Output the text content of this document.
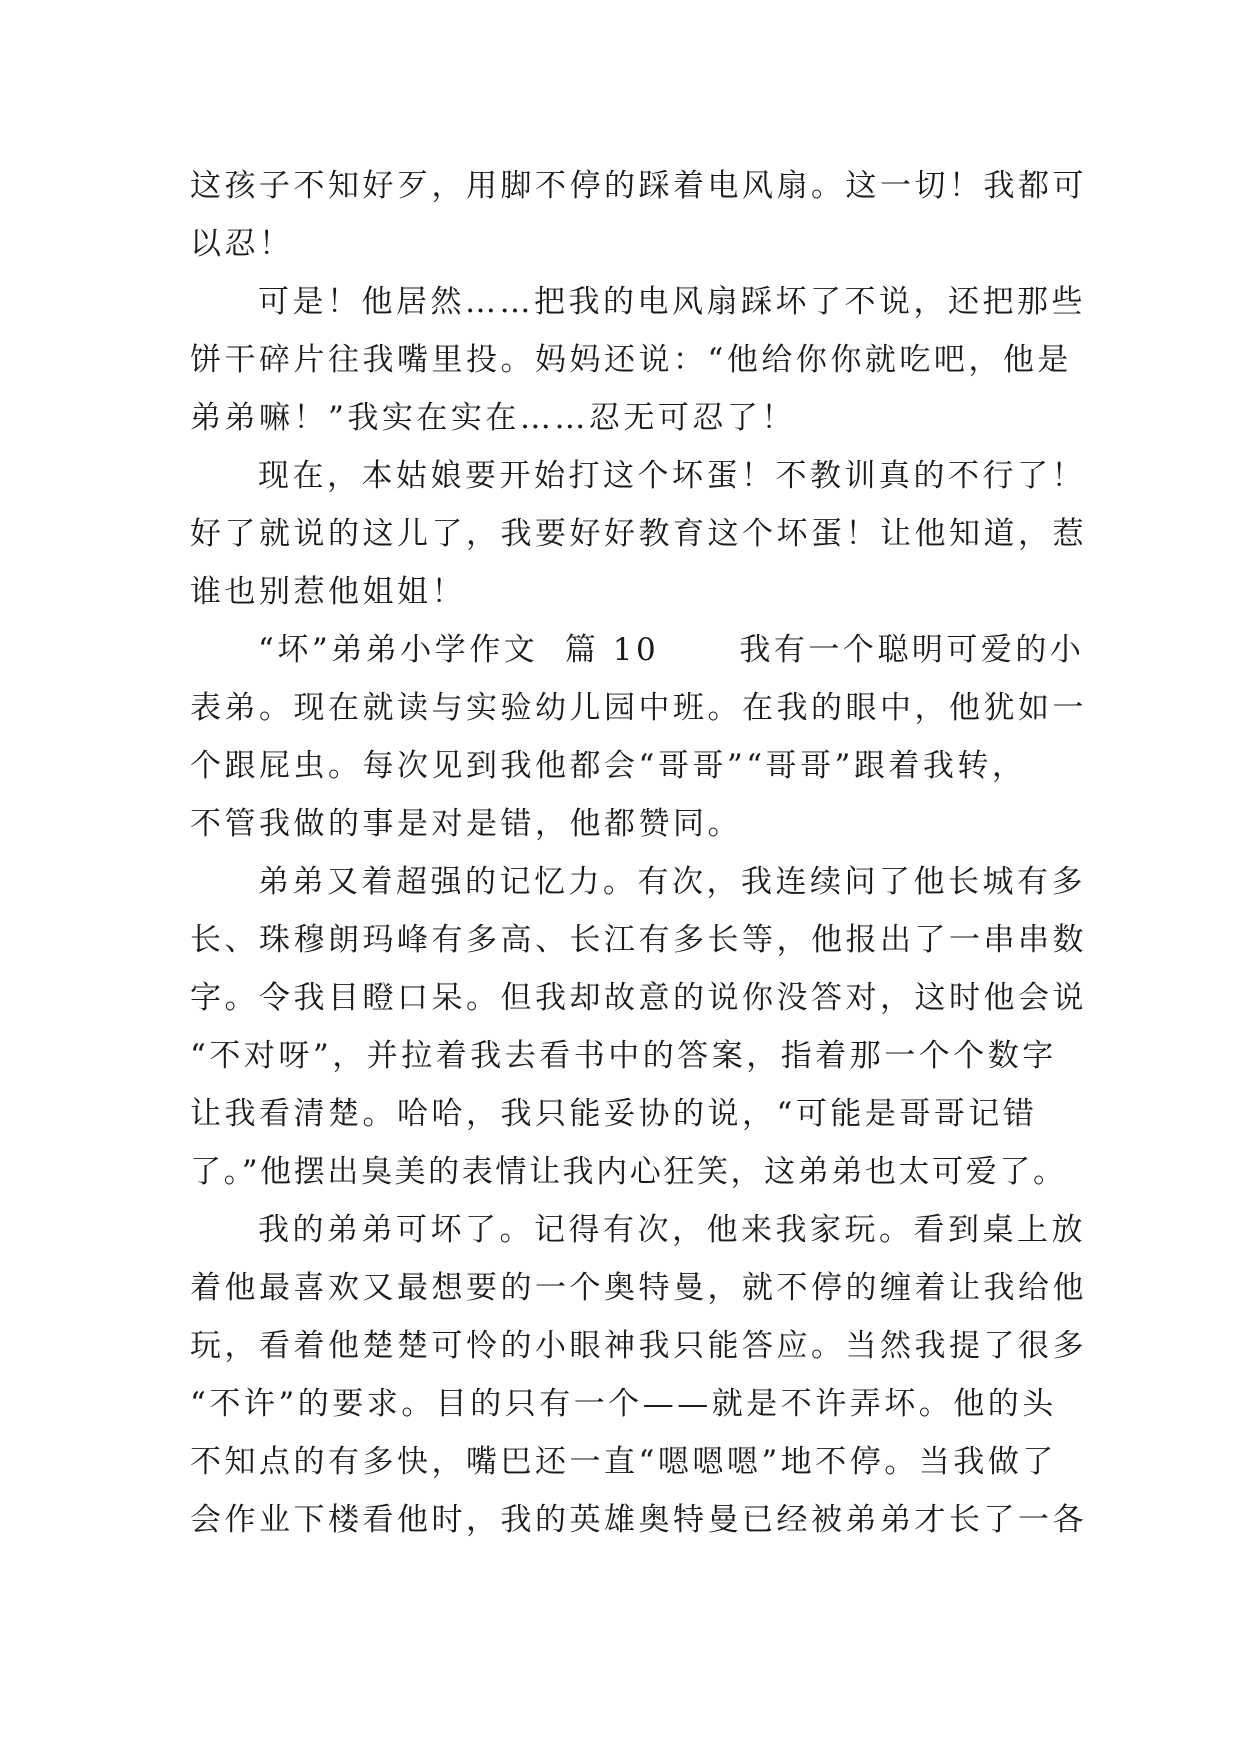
这孩子不知好歹，用脚不停的踩着电风扇。这一切！我都可
以忍！
可是！他居然……把我的电风扇踩坏了不说，还把那些
饼干碎片往我嘴里投。妈妈还说：“他给你你就吃吧，他是
弟弟嘛！”我实在实在……忍无可忍了！
现在，本姑娘要开始打这个坏蛋！不教训真的不行了！
好了就说的这儿了，我要好好教育这个坏蛋！让他知道，惹
谁也别惹他姐姐！
“坏”弟弟小学作文  篇 10      我有一个聪明可爱的小
表弟。现在就读与实验幼儿园中班。在我的眼中，他犹如一
个跟屁虫。每次见到我他都会“哥哥”“哥哥”跟着我转，
不管我做的事是对是错，他都赞同。
弟弟又着超强的记忆力。有次，我连续问了他长城有多
长、珠穆朗玛峰有多高、长江有多长等，他报出了一串串数
字。令我目瞪口呆。但我却故意的说你没答对，这时他会说
“不对呀”，并拉着我去看书中的答案，指着那一个个数字
让我看清楚。哈哈，我只能妥协的说，“可能是哥哥记错
了。”他摆出臭美的表情让我内心狂笑，这弟弟也太可爱了。
我的弟弟可坏了。记得有次，他来我家玩。看到桌上放
着他最喜欢又最想要的一个奥特曼，就不停的缠着让我给他
玩，看着他楚楚可怜的小眼神我只能答应。当然我提了很多
“不许”的要求。目的只有一个——就是不许弄坏。他的头
不知点的有多快，嘴巴还一直“嗯嗯嗯”地不停。当我做了
会作业下楼看他时，我的英雄奥特曼已经被弟弟才长了一各
